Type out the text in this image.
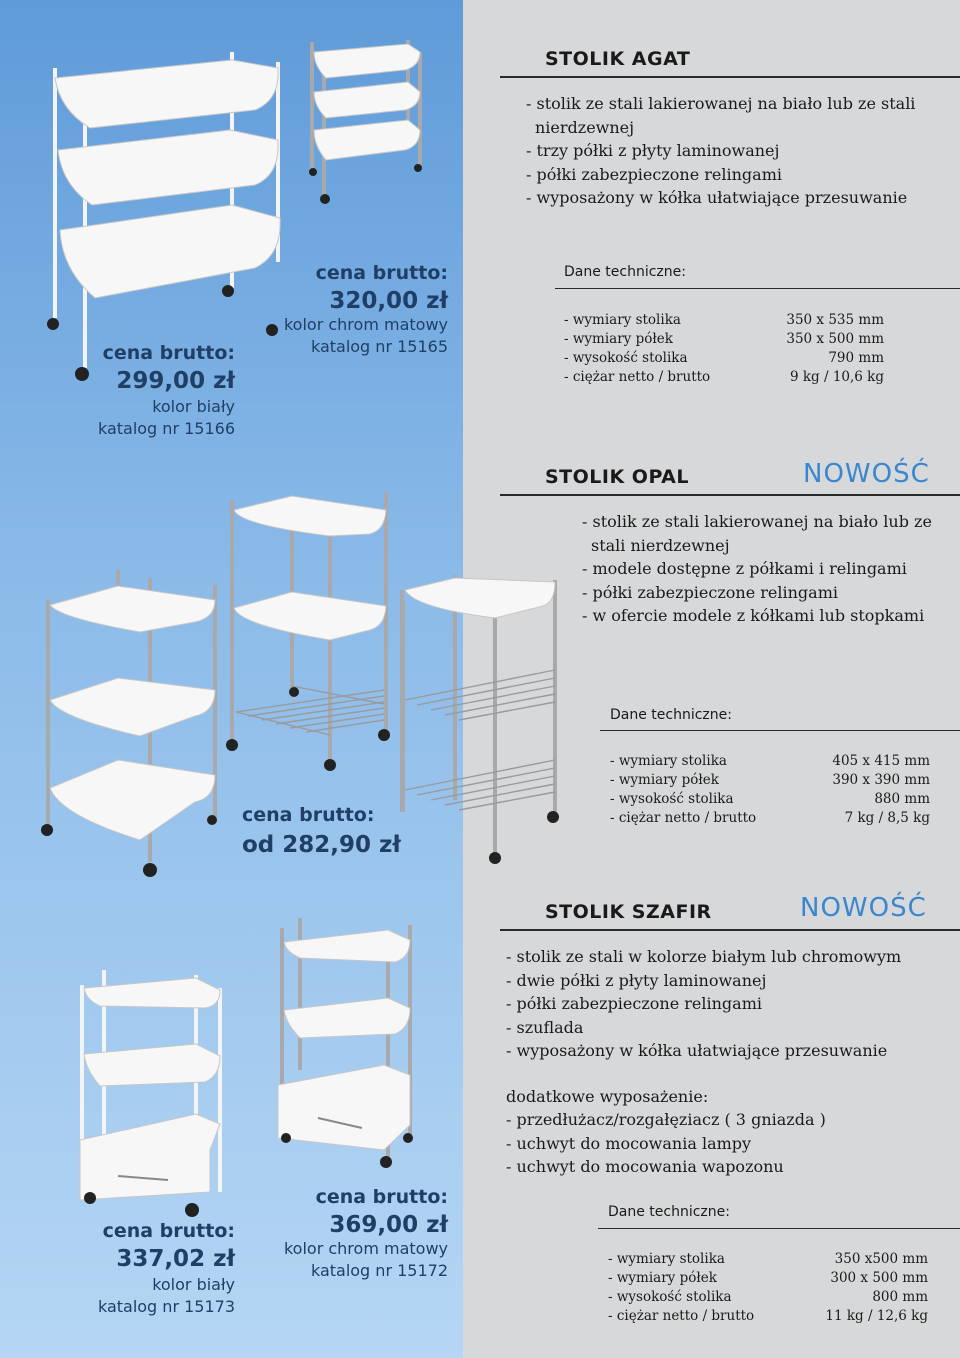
cena brutto:
299,00 zł
kolor biały
katalog nr 15166
cena brutto:
320,00 zł
kolor chrom matowy
katalog nr 15165
cena brutto:
od 282,90 zł
cena brutto:
337,02 zł
kolor biały
katalog nr 15173
cena brutto:
369,00 zł
kolor chrom matowy
katalog nr 15172
STOLIK AGAT
- stolik ze stali lakierowanej na biało lub ze stali
nierdzewnej
- trzy półki z płyty laminowanej
- półki zabezpieczone relingami
- wyposażony w kółka ułatwiające przesuwanie
Dane techniczne:
- wymiary stolika	350 x 535 mm
- wymiary półek	350 x 500 mm
- wysokość stolika	790 mm
- ciężar netto / brutto	9 kg / 10,6 kg
STOLIK OPAL	NOWOŚĆ
- stolik ze stali lakierowanej na biało lub ze
stali nierdzewnej
- modele dostępne z półkami i relingami
- półki zabezpieczone relingami
- w ofercie modele z kółkami lub stopkami
Dane techniczne:
- wymiary stolika	405 x 415 mm
- wymiary półek	390 x 390 mm
- wysokość stolika	880 mm
- ciężar netto / brutto	7 kg / 8,5 kg
STOLIK SZAFIR	NOWOŚĆ
- stolik ze stali w kolorze białym lub chromowym
- dwie półki z płyty laminowanej
- półki zabezpieczone relingami
- szuflada
- wyposażony w kółka ułatwiające przesuwanie
dodatkowe wyposażenie:
- przedłużacz/rozgałęziacz ( 3 gniazda )
- uchwyt do mocowania lampy
- uchwyt do mocowania wapozonu
Dane techniczne:
- wymiary stolika	350 x500 mm
- wymiary półek	300 x 500 mm
- wysokość stolika	800 mm
- ciężar netto / brutto	11 kg / 12,6 kg
